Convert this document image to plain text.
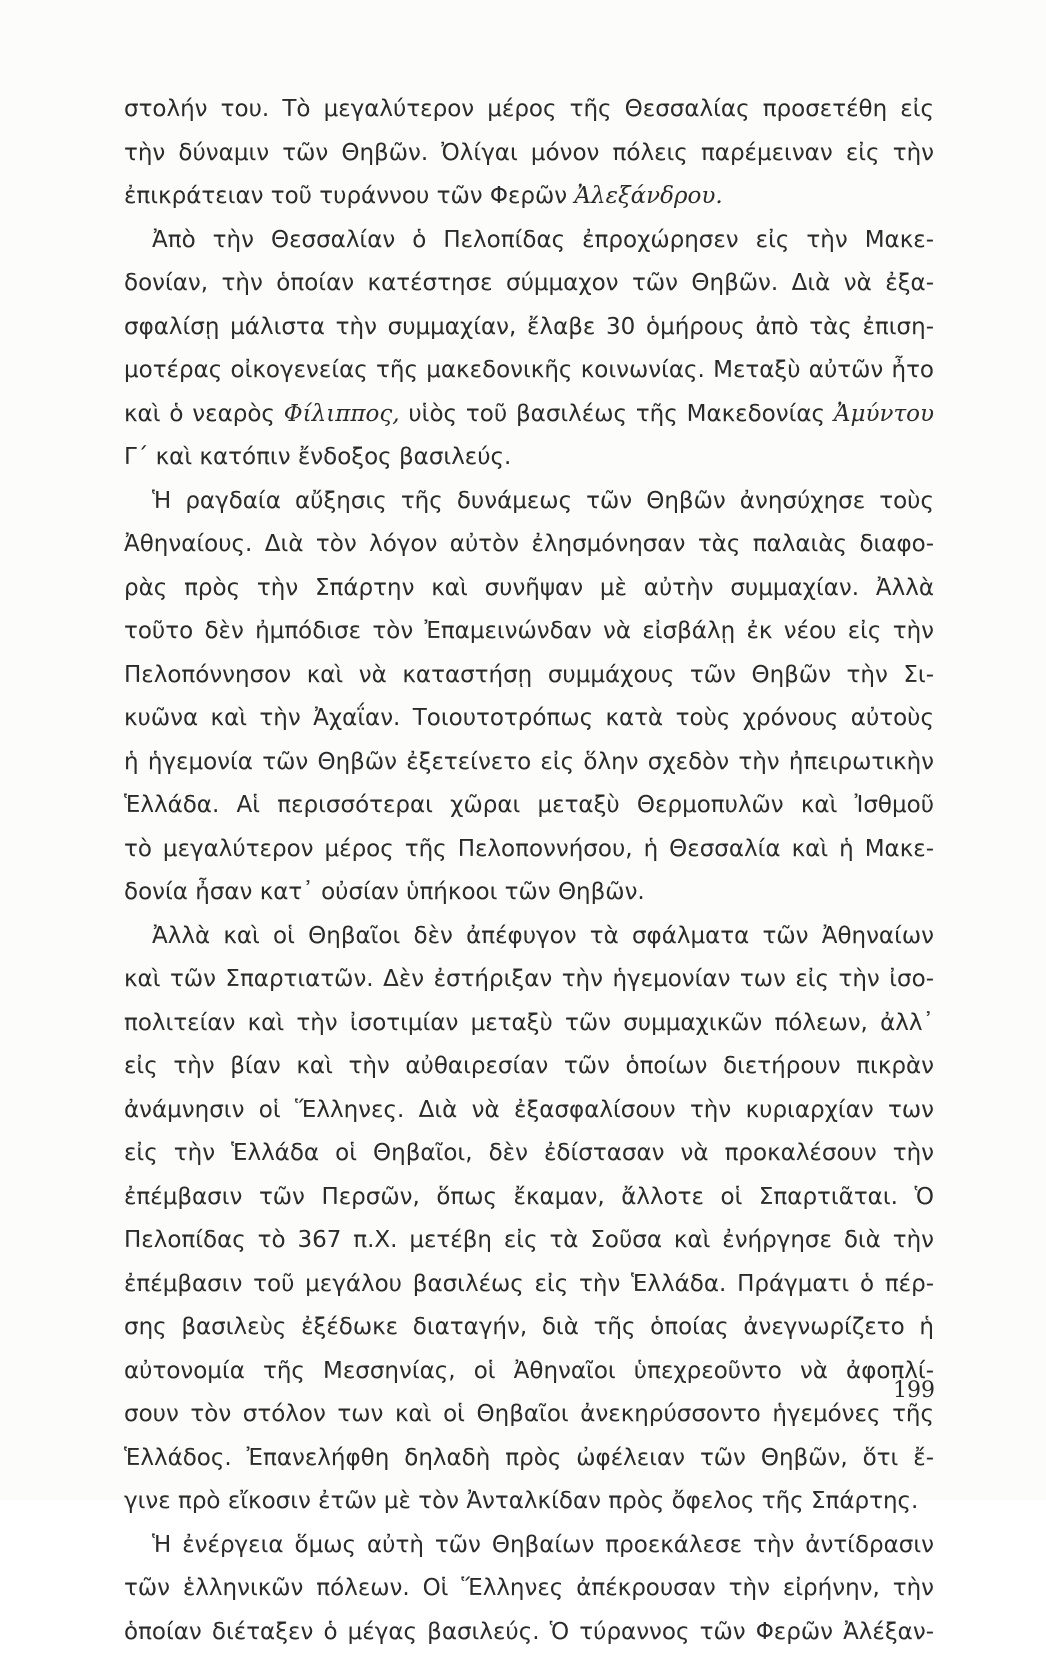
στολήν του. Τὸ μεγαλύτερον μέρος τῆς Θεσσαλίας προσετέθη εἰς
τὴν δύναμιν τῶν Θηβῶν. Ὀλίγαι μόνον πόλεις παρέμειναν εἰς τὴν
ἐπικράτειαν τοῦ τυράννου τῶν Φερῶν Ἀλεξάνδρου.
Ἀπὸ τὴν Θεσσαλίαν ὁ Πελοπίδας ἐπροχώρησεν εἰς τὴν Μακε-
δονίαν, τὴν ὁποίαν κατέστησε σύμμαχον τῶν Θηβῶν. Διὰ νὰ ἐξα-
σφαλίσῃ μάλιστα τὴν συμμαχίαν, ἔλαβε 30 ὁμήρους ἀπὸ τὰς ἐπιση-
μοτέρας οἰκογενείας τῆς μακεδονικῆς κοινωνίας. Μεταξὺ αὐτῶν ἦτο
καὶ ὁ νεαρὸς Φίλιππος, υἱὸς τοῦ βασιλέως τῆς Μακεδονίας Ἀμύντου
Γ΄ καὶ κατόπιν ἔνδοξος βασιλεύς.
Ἡ ραγδαία αὔξησις τῆς δυνάμεως τῶν Θηβῶν ἀνησύχησε τοὺς
Ἀθηναίους. Διὰ τὸν λόγον αὐτὸν ἐλησμόνησαν τὰς παλαιὰς διαφο-
ρὰς πρὸς τὴν Σπάρτην καὶ συνῆψαν μὲ αὐτὴν συμμαχίαν. Ἀλλὰ
τοῦτο δὲν ἠμπόδισε τὸν Ἐπαμεινώνδαν νὰ εἰσβάλῃ ἐκ νέου εἰς τὴν
Πελοπόννησον καὶ νὰ καταστήσῃ συμμάχους τῶν Θηβῶν τὴν Σι-
κυῶνα καὶ τὴν Ἀχαΐαν. Τοιουτοτρόπως κατὰ τοὺς χρόνους αὐτοὺς
ἡ ἡγεμονία τῶν Θηβῶν ἐξετείνετο εἰς ὅλην σχεδὸν τὴν ἠπειρωτικὴν
Ἑλλάδα. Αἱ περισσότεραι χῶραι μεταξὺ Θερμοπυλῶν καὶ Ἰσθμοῦ
τὸ μεγαλύτερον μέρος τῆς Πελοποννήσου, ἡ Θεσσαλία καὶ ἡ Μακε-
δονία ἦσαν κατ᾽ οὐσίαν ὑπήκοοι τῶν Θηβῶν.
Ἀλλὰ καὶ οἱ Θηβαῖοι δὲν ἀπέφυγον τὰ σφάλματα τῶν Ἀθηναίων
καὶ τῶν Σπαρτιατῶν. Δὲν ἐστήριξαν τὴν ἡγεμονίαν των εἰς τὴν ἰσο-
πολιτείαν καὶ τὴν ἰσοτιμίαν μεταξὺ τῶν συμμαχικῶν πόλεων, ἀλλ᾽
εἰς τὴν βίαν καὶ τὴν αὐθαιρεσίαν τῶν ὁποίων διετήρουν πικρὰν
ἀνάμνησιν οἱ Ἕλληνες. Διὰ νὰ ἐξασφαλίσουν τὴν κυριαρχίαν των
εἰς τὴν Ἑλλάδα οἱ Θηβαῖοι, δὲν ἐδίστασαν νὰ προκαλέσουν τὴν
ἐπέμβασιν τῶν Περσῶν, ὅπως ἔκαμαν, ἄλλοτε οἱ Σπαρτιᾶται. Ὁ
Πελοπίδας τὸ 367 π.Χ. μετέβη εἰς τὰ Σοῦσα καὶ ἐνήργησε διὰ τὴν
ἐπέμβασιν τοῦ μεγάλου βασιλέως εἰς τὴν Ἑλλάδα. Πράγματι ὁ πέρ-
σης βασιλεὺς ἐξέδωκε διαταγήν, διὰ τῆς ὁποίας ἀνεγνωρίζετο ἡ
αὐτονομία τῆς Μεσσηνίας, οἱ Ἀθηναῖοι ὑπεχρεοῦντο νὰ ἀφοπλί-
σουν τὸν στόλον των καὶ οἱ Θηβαῖοι ἀνεκηρύσσοντο ἡγεμόνες τῆς
Ἑλλάδος. Ἐπανελήφθη δηλαδὴ πρὸς ὠφέλειαν τῶν Θηβῶν, ὅτι ἔ-
γινε πρὸ εἴκοσιν ἐτῶν μὲ τὸν Ἀνταλκίδαν πρὸς ὄφελος τῆς Σπάρτης.
Ἡ ἐνέργεια ὅμως αὐτὴ τῶν Θηβαίων προεκάλεσε τὴν ἀντίδρασιν
τῶν ἑλληνικῶν πόλεων. Οἱ Ἕλληνες ἀπέκρουσαν τὴν εἰρήνην, τὴν
ὁποίαν διέταξεν ὁ μέγας βασιλεύς. Ὁ τύραννος τῶν Φερῶν Ἀλέξαν-
199
